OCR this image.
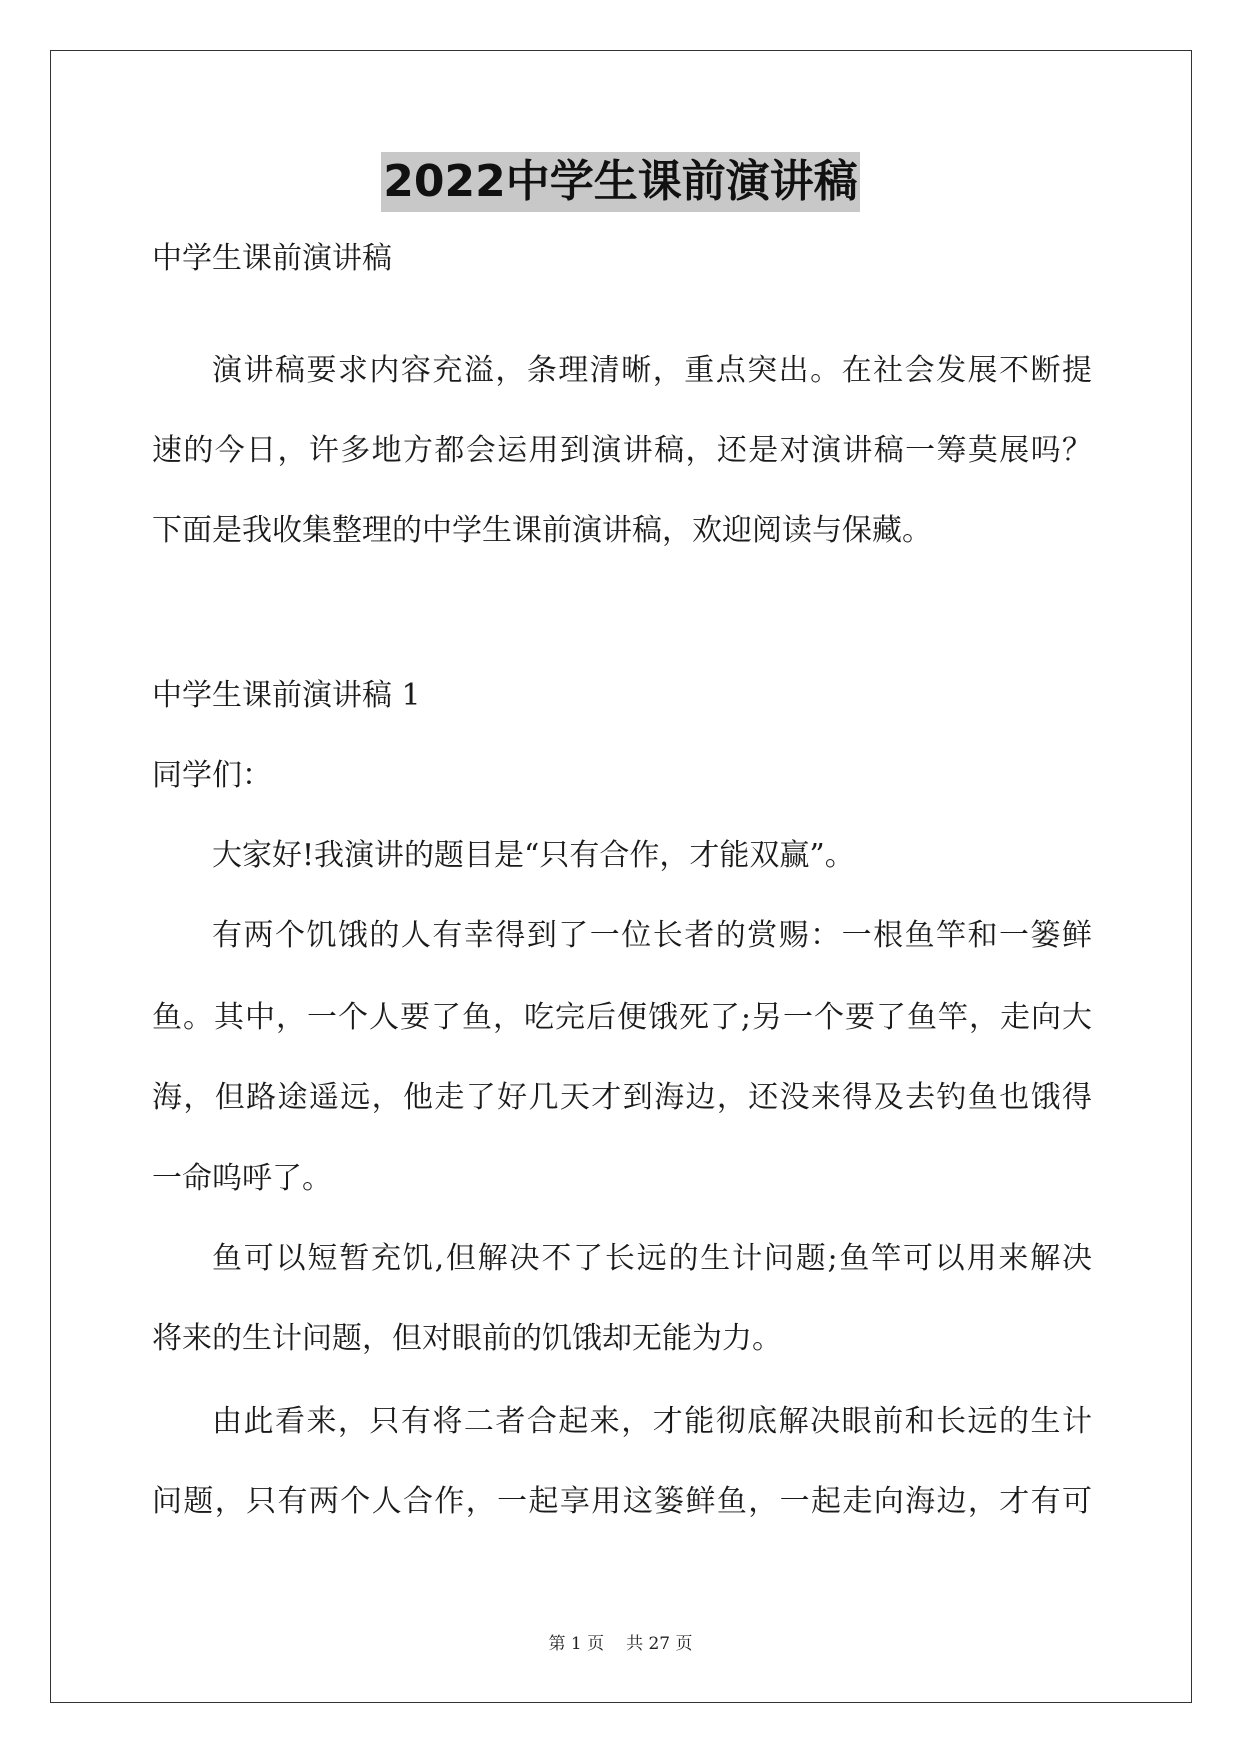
2022中学生课前演讲稿
中学生课前演讲稿
演讲稿要求内容充溢，条理清晰，重点突出。在社会发展不断提
速的今日，许多地方都会运用到演讲稿，还是对演讲稿一筹莫展吗？
下面是我收集整理的中学生课前演讲稿，欢迎阅读与保藏。
中学生课前演讲稿 1
同学们：
大家好!我演讲的题目是“只有合作，才能双赢”。
有两个饥饿的人有幸得到了一位长者的赏赐：一根鱼竿和一篓鲜
鱼。其中，一个人要了鱼，吃完后便饿死了;另一个要了鱼竿，走向大
海，但路途遥远，他走了好几天才到海边，还没来得及去钓鱼也饿得
一命呜呼了。
鱼可以短暂充饥,但解决不了长远的生计问题;鱼竿可以用来解决
将来的生计问题，但对眼前的饥饿却无能为力。
由此看来，只有将二者合起来，才能彻底解决眼前和长远的生计
问题，只有两个人合作，一起享用这篓鲜鱼，一起走向海边，才有可
第 1 页 共 27 页
